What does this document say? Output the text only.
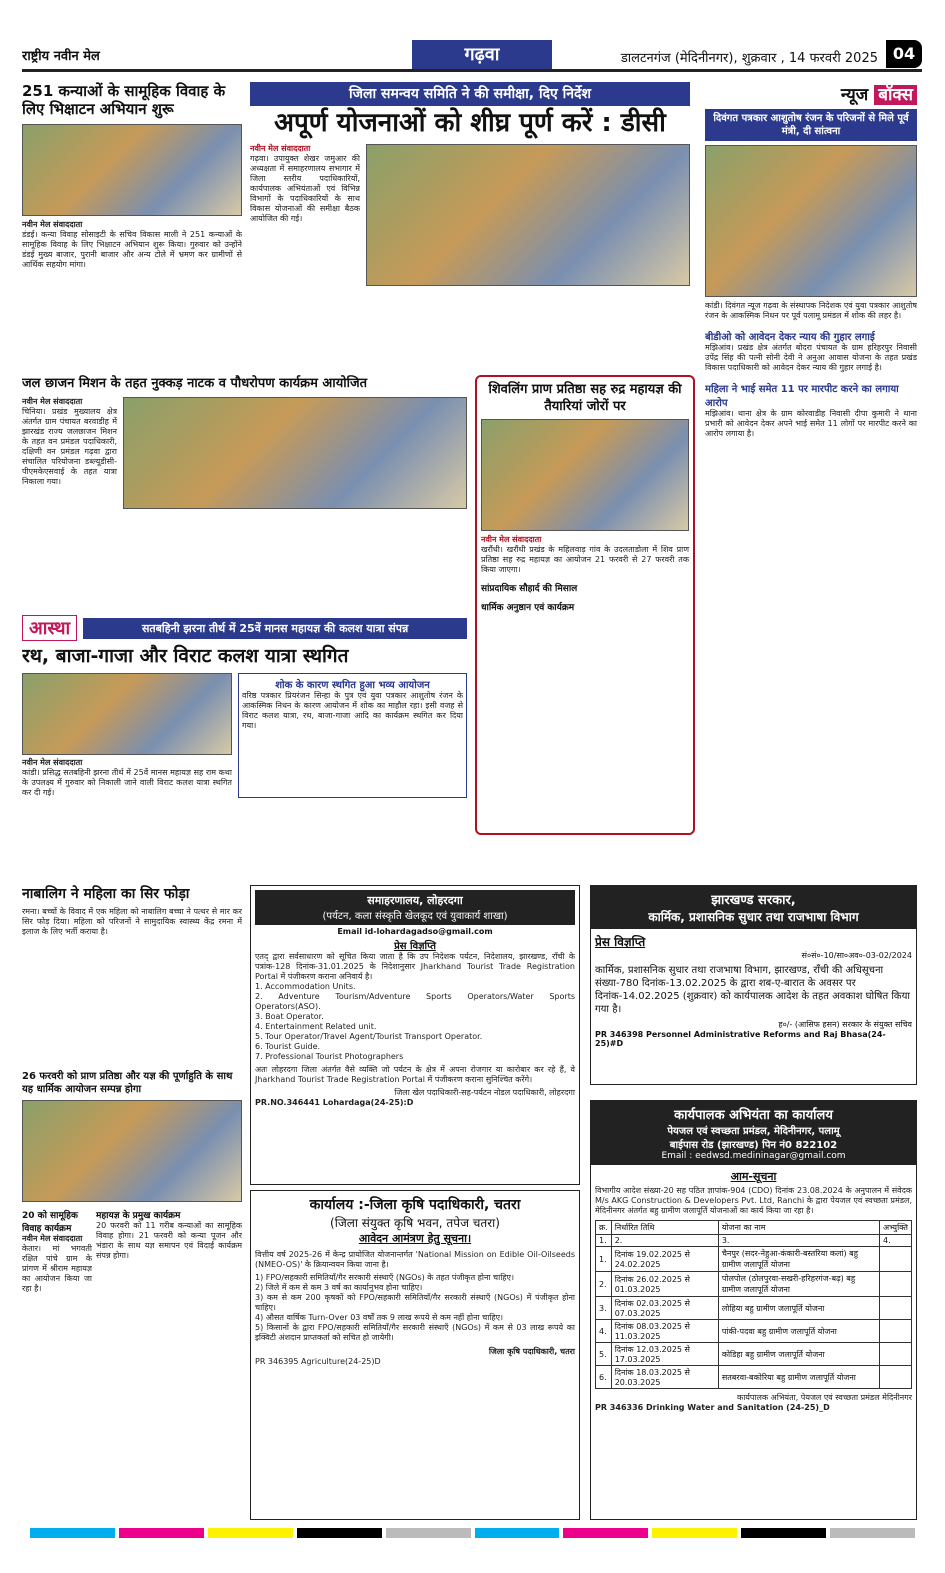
राष्ट्रीय नवीन मेल	गढ़वा	डालटनगंज (मेदिनीनगर), शुक्रवार , 14 फरवरी 2025 04
251 कन्याओं के सामूहिक विवाह के लिए भिक्षाटन अभियान शुरू
नवीन मेल संवाददाता
डंडई। कन्या विवाह सोसाइटी के सचिव विकास माली ने 251 कन्याओं के सामूहिक विवाह के लिए भिक्षाटन अभियान शुरू किया। गुरुवार को उन्होंने डंडई मुख्य बाजार, पुरानी बाजार और अन्य टोले में भ्रमण कर ग्रामीणों से आर्थिक सहयोग मांगा।
जिला समन्वय समिति ने की समीक्षा, दिए निर्देश
अपूर्ण योजनाओं को शीघ्र पूर्ण करें : डीसी
नवीन मेल संवाददाता
गढ़वा। उपायुक्त शेखर जमुआर की अध्यक्षता में समाहरणालय सभागार में जिला स्तरीय पदाधिकारियों, कार्यपालक अभियंताओं एवं विभिन्न विभागों के पदाधिकारियों के साथ विकास योजनाओं की समीक्षा बैठक आयोजित की गई।
न्यूज बॉक्स
दिवंगत पत्रकार आशुतोष रंजन के परिजनों से मिले पूर्व मंत्री, दी सांत्वना
कांडी। दिवंगत न्यूज गढ़वा के संस्थापक निदेशक एवं युवा पत्रकार आशुतोष रंजन के आकस्मिक निधन पर पूर्व पलामू प्रमंडल में शोक की लहर है।
बीडीओ को आवेदन देकर न्याय की गुहार लगाई
मझिआंव। प्रखंड क्षेत्र अंतर्गत बोदरा पंचायत के ग्राम हरिहरपुर निवासी उपेंद्र सिंह की पत्नी सोनी देवी ने अनुआ आवास योजना के तहत प्रखंड विकास पदाधिकारी को आवेदन देकर न्याय की गुहार लगाई है।
महिला ने भाई समेत 11 पर मारपीट करने का लगाया आरोप
मझिआंव। थाना क्षेत्र के ग्राम कोरवाडीह निवासी दीपा कुमारी ने थाना प्रभारी को आवेदन देकर अपने भाई समेत 11 लोगों पर मारपीट करने का आरोप लगाया है।
जल छाजन मिशन के तहत नुक्कड़ नाटक व पौधरोपण कार्यक्रम आयोजित
नवीन मेल संवाददाता
चिनिया। प्रखंड मुख्यालय क्षेत्र अंतर्गत ग्राम पंचायत बरवाडीह में झारखंड राज्य जलछाजन मिशन के तहत वन प्रमंडल पदाधिकारी, दक्षिणी वन प्रमंडल गढ़वा द्वारा संचालित परियोजना डब्ल्यूडीसी-पीएमकेएसवाई के तहत यात्रा निकाला गया।
शिवलिंग प्राण प्रतिष्ठा सह रुद्र महायज्ञ की तैयारियां जोरों पर
नवीन मेल संवाददाता
खरौंधी। खरौंधी प्रखंड के महिलवाड़ गांव के उदलताडोला में शिव प्राण प्रतिष्ठा सह रुद्र महायज्ञ का आयोजन 21 फरवरी से 27 फरवरी तक किया जाएगा।
सांप्रदायिक सौहार्द की मिसाल
धार्मिक अनुष्ठान एवं कार्यक्रम
आस्था	सतबहिनी झरना तीर्थ में 25वें मानस महायज्ञ की कलश यात्रा संपन्न
रथ, बाजा-गाजा और विराट कलश यात्रा स्थगित
नवीन मेल संवाददाता
कांडी। प्रसिद्ध सतबहिनी झरना तीर्थ में 25वें मानस महायज्ञ सह राम कथा के उपलक्ष्य में गुरुवार को निकाली जाने वाली विराट कलश यात्रा स्थगित कर दी गई।
शोक के कारण स्थगित हुआ भव्य आयोजन
वरिष्ठ पत्रकार प्रियरंजन सिन्हा के पुत्र एवं युवा पत्रकार आशुतोष रंजन के आकस्मिक निधन के कारण आयोजन में शोक का माहौल रहा। इसी वजह से विराट कलश यात्रा, रथ, बाजा-गाजा आदि का कार्यक्रम स्थगित कर दिया गया।
नाबालिग ने महिला का सिर फोड़ा
रमना। बच्चों के विवाद में एक महिला को नाबालिग बच्चा ने पत्थर से मार कर सिर फोड़ दिया। महिला को परिजनों ने सामुदायिक स्वास्थ्य केंद्र रमना में इलाज के लिए भर्ती कराया है।
26 फरवरी को प्राण प्रतिष्ठा और यज्ञ की पूर्णाहुति के साथ यह धार्मिक आयोजन सम्पन्न होगा
20 को सामूहिक विवाह कार्यक्रम
नवीन मेल संवाददाता
केतार। मां भगवती रक्षित पांचे ग्राम के प्रांगण में श्रीराम महायज्ञ का आयोजन किया जा रहा है।
महायज्ञ के प्रमुख कार्यक्रम
20 फरवरी को 11 गरीब कन्याओं का सामूहिक विवाह होगा। 21 फरवरी को कन्या पूजन और भंडारा के साथ यज्ञ समापन एवं विदाई कार्यक्रम संपन्न होगा।
समाहरणालय, लोहरदगा
(पर्यटन, कला संस्कृति खेलकूद एवं युवाकार्य शाखा)
Email id-lohardagadso@gmail.com
प्रेस विज्ञप्ति
एतद् द्वारा सर्वसाधारण को सूचित किया जाता है कि उप निदेशक पर्यटन, निदेशालय, झारखण्ड, रॉंची के पत्रांक-128 दिनांक-31.01.2025 के निदेशानुसार Jharkhand Tourist Trade Registration Portal में पंजीकरण कराना अनिवार्य है।
1. Accommodation Units.
2. Adventure Tourism/Adventure Sports Operators/Water Sports Operators(ASO).
3. Boat Operator.
4. Entertainment Related unit.
5. Tour Operator/Travel Agent/Tourist Transport Operator.
6. Tourist Guide.
7. Professional Tourist Photographers
अतः लोहरदगा जिला अंतर्गत वैसे व्यक्ति जो पर्यटन के क्षेत्र में अपना रोजगार या कारोबार कर रहे हैं, वे Jharkhand Tourist Trade Registration Portal में पंजीकरण कराना सुनिश्चित करेंगे।
जिला खेल पदाधिकारी-सह-पर्यटन नोडल पदाधिकारी, लोहरदगा
PR.NO.346441 Lohardaga(24-25):D
झारखण्ड सरकार,
कार्मिक, प्रशासनिक सुधार तथा राजभाषा विभाग
प्रेस विज्ञप्ति
सं०सं०-10/सा०अव०-03-02/2024
कार्मिक, प्रशासनिक सुधार तथा राजभाषा विभाग, झारखण्ड, रॉंची की अधिसूचना संख्या-780 दिनांक-13.02.2025 के द्वारा शब-ए-बारात के अवसर पर दिनांक-14.02.2025 (शुक्रवार) को कार्यपालक आदेश के तहत अवकाश घोषित किया गया है।
ह०/- (आसिफ हसन) सरकार के संयुक्त सचिव
PR 346398 Personnel Administrative Reforms and Raj Bhasa(24-25)#D
कार्यालय :-जिला कृषि पदाधिकारी, चतरा
(जिला संयुक्त कृषि भवन, तपेज चतरा)
आवेदन आमंत्रण हेतु सूचना।
वित्तीय वर्ष 2025-26 में केन्द्र प्रायोजित योजनान्तर्गत 'National Mission on Edible Oil-Oilseeds (NMEO-OS)' के क्रियान्वयन किया जाना है।
1) FPO/सहकारी समितियाँ/गैर सरकारी संस्थाएँ (NGOs) के तहत पंजीकृत होना चाहिए।
2) जिले में कम से कम 3 वर्ष का कार्यानुभव होना चाहिए।
3) कम से कम 200 कृषकों को FPO/सहकारी समितियाँ/गैर सरकारी संस्थाएँ (NGOs) में पंजीकृत होना चाहिए।
4) औसत वार्षिक Turn-Over 03 वर्षों तक 9 लाख रूपये से कम नहीं होना चाहिए।
5) किसानों के द्वारा FPO/सहकारी समितियाँ/गैर सरकारी संस्थाएँ (NGOs) में कम से 03 लाख रूपये का इक्विटी अंशदान प्राप्तकर्ता को सचित हो जायेगी।
जिला कृषि पदाधिकारी, चतरा
PR 346395 Agriculture(24-25)D
कार्यपालक अभियंता का कार्यालय
पेयजल एवं स्वच्छता प्रमंडल, मेदिनीनगर, पलामू
बाईपास रोड (झारखण्ड) पिन नं0 822102
Email : eedwsd.medininagar@gmail.com
आम-सूचना
विभागीय आदेश संख्या-20 सह पठित ज्ञापांक-904 (CDO) दिनांक 23.08.2024 के अनुपालन में संवेदक M/s AKG Construction & Developers Pvt. Ltd, Ranchi के द्वारा पेयजल एवं स्वच्छता प्रमंडल, मेदिनीनगर अंतर्गत बहु ग्रामीण जलापूर्ति योजनाओं का कार्य किया जा रहा है।
क्र.	निर्धारित तिथि	योजना का नाम	अभ्युक्ति
1.	2.	3.	4.
1.	दिनांक 19.02.2025 से 24.02.2025	चैनपुर (सदर-नेहुआ-कंकारी-बस्तरिया कलां) बहु ग्रामीण जलापूर्ति योजना	
2.	दिनांक 26.02.2025 से 01.03.2025	पोलपोल (ठोलपुरवा-सखरी-हरिहरगंज-बढ़) बहु ग्रामीण जलापूर्ति योजना	
3.	दिनांक 02.03.2025 से 07.03.2025	लोहिया बहु ग्रामीण जलापूर्ति योजना	
4.	दिनांक 08.03.2025 से 11.03.2025	पांकी-पदवा बहु ग्रामीण जलापूर्ति योजना	
5.	दिनांक 12.03.2025 से 17.03.2025	कोडिहा बहु ग्रामीण जलापूर्ति योजना	
6.	दिनांक 18.03.2025 से 20.03.2025	सतबरवा-बकोरिया बहु ग्रामीण जलापूर्ति योजना	
कार्यपालक अभियंता, पेयजल एवं स्वच्छता प्रमंडल मेदिनीनगर
PR 346336 Drinking Water and Sanitation (24-25)_D
